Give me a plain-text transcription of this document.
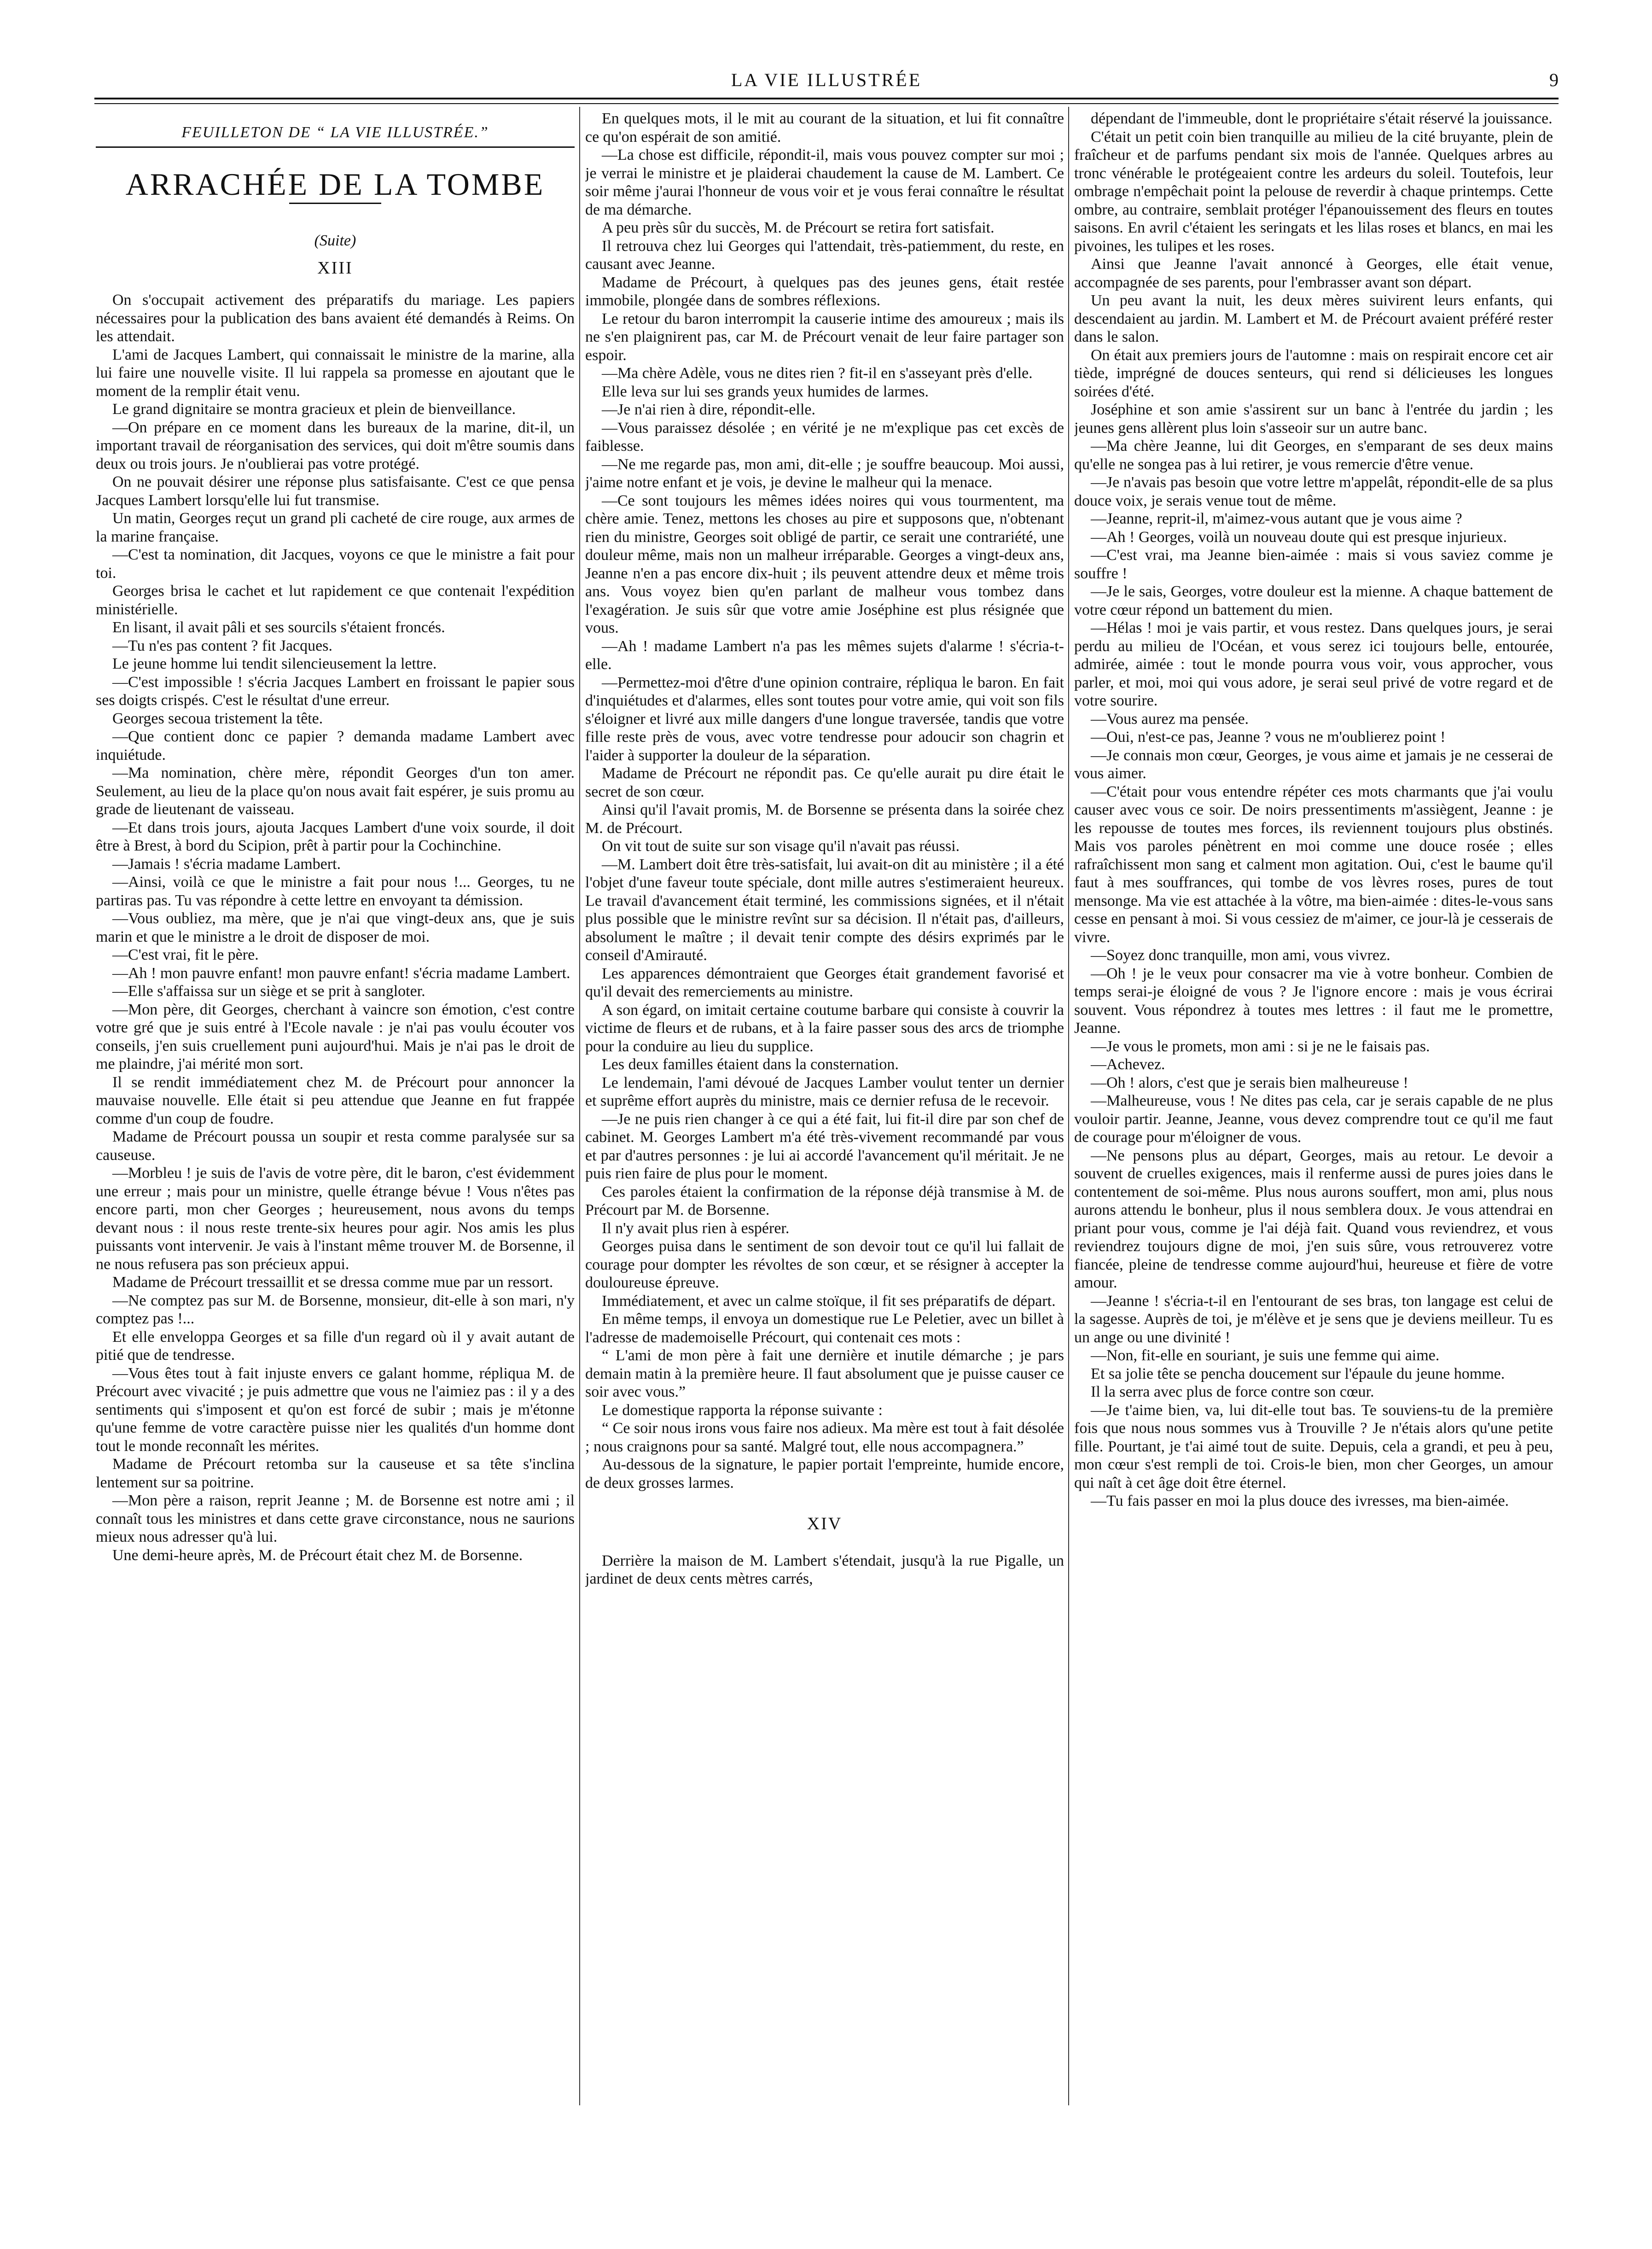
LA VIE ILLUSTRÉE	9
FEUILLETON DE “ LA VIE ILLUSTRÉE.”
ARRACHÉE DE LA TOMBE
(Suite)
XIII

On s'occupait activement des préparatifs du mariage. Les papiers nécessaires pour la publication des bans avaient été demandés à Reims. On les attendait.

L'ami de Jacques Lambert, qui connaissait le ministre de la marine, alla lui faire une nouvelle visite. Il lui rappela sa promesse en ajoutant que le moment de la remplir était venu.

Le grand dignitaire se montra gracieux et plein de bienveillance.

—On prépare en ce moment dans les bureaux de la marine, dit-il, un important travail de réorganisation des services, qui doit m'être soumis dans deux ou trois jours. Je n'oublierai pas votre protégé.

On ne pouvait désirer une réponse plus satisfaisante. C'est ce que pensa Jacques Lambert lorsqu'elle lui fut transmise.

Un matin, Georges reçut un grand pli cacheté de cire rouge, aux armes de la marine française.

—C'est ta nomination, dit Jacques, voyons ce que le ministre a fait pour toi.

Georges brisa le cachet et lut rapidement ce que contenait l'expédition ministérielle.

En lisant, il avait pâli et ses sourcils s'étaient froncés.

—Tu n'es pas content ? fit Jacques.

Le jeune homme lui tendit silencieusement la lettre.

—C'est impossible ! s'écria Jacques Lambert en froissant le papier sous ses doigts crispés. C'est le résultat d'une erreur.

Georges secoua tristement la tête.

—Que contient donc ce papier ? demanda madame Lambert avec inquiétude.

—Ma nomination, chère mère, répondit Georges d'un ton amer. Seulement, au lieu de la place qu'on nous avait fait espérer, je suis promu au grade de lieutenant de vaisseau.

—Et dans trois jours, ajouta Jacques Lambert d'une voix sourde, il doit être à Brest, à bord du Scipion, prêt à partir pour la Cochinchine.

—Jamais ! s'écria madame Lambert.

—Ainsi, voilà ce que le ministre a fait pour nous !... Georges, tu ne partiras pas. Tu vas répondre à cette lettre en envoyant ta démission.

—Vous oubliez, ma mère, que je n'ai que vingt-deux ans, que je suis marin et que le ministre a le droit de disposer de moi.

—C'est vrai, fit le père.

—Ah ! mon pauvre enfant! mon pauvre enfant! s'écria madame Lambert.

—Elle s'affaissa sur un siège et se prit à sangloter.

—Mon père, dit Georges, cherchant à vaincre son émotion, c'est contre votre gré que je suis entré à l'Ecole navale : je n'ai pas voulu écouter vos conseils, j'en suis cruellement puni aujourd'hui. Mais je n'ai pas le droit de me plaindre, j'ai mérité mon sort.

Il se rendit immédiatement chez M. de Précourt pour annoncer la mauvaise nouvelle. Elle était si peu attendue que Jeanne en fut frappée comme d'un coup de foudre.

Madame de Précourt poussa un soupir et resta comme paralysée sur sa causeuse.

—Morbleu ! je suis de l'avis de votre père, dit le baron, c'est évidemment une erreur ; mais pour un ministre, quelle étrange bévue ! Vous n'êtes pas encore parti, mon cher Georges ; heureusement, nous avons du temps devant nous : il nous reste trente-six heures pour agir. Nos amis les plus puissants vont intervenir. Je vais à l'instant même trouver M. de Borsenne, il ne nous refusera pas son précieux appui.

Madame de Précourt tressaillit et se dressa comme mue par un ressort.

—Ne comptez pas sur M. de Borsenne, monsieur, dit-elle à son mari, n'y comptez pas !...

Et elle enveloppa Georges et sa fille d'un regard où il y avait autant de pitié que de tendresse.

—Vous êtes tout à fait injuste envers ce galant homme, répliqua M. de Précourt avec vivacité ; je puis admettre que vous ne l'aimiez pas : il y a des sentiments qui s'imposent et qu'on est forcé de subir ; mais je m'étonne qu'une femme de votre caractère puisse nier les qualités d'un homme dont tout le monde reconnaît les mérites.

Madame de Précourt retomba sur la causeuse et sa tête s'inclina lentement sur sa poitrine.

—Mon père a raison, reprit Jeanne ; M. de Borsenne est notre ami ; il connaît tous les ministres et dans cette grave circonstance, nous ne saurions mieux nous adresser qu'à lui.

Une demi-heure après, M. de Précourt était chez M. de Borsenne.

En quelques mots, il le mit au courant de la situation, et lui fit connaître ce qu'on espérait de son amitié.

—La chose est difficile, répondit-il, mais vous pouvez compter sur moi ; je verrai le ministre et je plaiderai chaudement la cause de M. Lambert. Ce soir même j'aurai l'honneur de vous voir et je vous ferai connaître le résultat de ma démarche.

A peu près sûr du succès, M. de Précourt se retira fort satisfait.

Il retrouva chez lui Georges qui l'attendait, très-patiemment, du reste, en causant avec Jeanne.

Madame de Précourt, à quelques pas des jeunes gens, était restée immobile, plongée dans de sombres réflexions.

Le retour du baron interrompit la causerie intime des amoureux ; mais ils ne s'en plaignirent pas, car M. de Précourt venait de leur faire partager son espoir.

—Ma chère Adèle, vous ne dites rien ? fit-il en s'asseyant près d'elle.

Elle leva sur lui ses grands yeux humides de larmes.

—Je n'ai rien à dire, répondit-elle.

—Vous paraissez désolée ; en vérité je ne m'explique pas cet excès de faiblesse.

—Ne me regarde pas, mon ami, dit-elle ; je souffre beaucoup. Moi aussi, j'aime notre enfant et je vois, je devine le malheur qui la menace.

—Ce sont toujours les mêmes idées noires qui vous tourmentent, ma chère amie. Tenez, mettons les choses au pire et supposons que, n'obtenant rien du ministre, Georges soit obligé de partir, ce serait une contrariété, une douleur même, mais non un malheur irréparable. Georges a vingt-deux ans, Jeanne n'en a pas encore dix-huit ; ils peuvent attendre deux et même trois ans. Vous voyez bien qu'en parlant de malheur vous tombez dans l'exagération. Je suis sûr que votre amie Joséphine est plus résignée que vous.

—Ah ! madame Lambert n'a pas les mêmes sujets d'alarme ! s'écria-t-elle.

—Permettez-moi d'être d'une opinion contraire, répliqua le baron. En fait d'inquiétudes et d'alarmes, elles sont toutes pour votre amie, qui voit son fils s'éloigner et livré aux mille dangers d'une longue traversée, tandis que votre fille reste près de vous, avec votre tendresse pour adoucir son chagrin et l'aider à supporter la douleur de la séparation.

Madame de Précourt ne répondit pas. Ce qu'elle aurait pu dire était le secret de son cœur.

Ainsi qu'il l'avait promis, M. de Borsenne se présenta dans la soirée chez M. de Précourt.

On vit tout de suite sur son visage qu'il n'avait pas réussi.

—M. Lambert doit être très-satisfait, lui avait-on dit au ministère ; il a été l'objet d'une faveur toute spéciale, dont mille autres s'estimeraient heureux. Le travail d'avancement était terminé, les commissions signées, et il n'était plus possible que le ministre revînt sur sa décision. Il n'était pas, d'ailleurs, absolument le maître ; il devait tenir compte des désirs exprimés par le conseil d'Amirauté.

Les apparences démontraient que Georges était grandement favorisé et qu'il devait des remerciements au ministre.

A son égard, on imitait certaine coutume barbare qui consiste à couvrir la victime de fleurs et de rubans, et à la faire passer sous des arcs de triomphe pour la conduire au lieu du supplice.

Les deux familles étaient dans la consternation.

Le lendemain, l'ami dévoué de Jacques Lamber voulut tenter un dernier et suprême effort auprès du ministre, mais ce dernier refusa de le recevoir.

—Je ne puis rien changer à ce qui a été fait, lui fit-il dire par son chef de cabinet. M. Georges Lambert m'a été très-vivement recommandé par vous et par d'autres personnes : je lui ai accordé l'avancement qu'il méritait. Je ne puis rien faire de plus pour le moment.

Ces paroles étaient la confirmation de la réponse déjà transmise à M. de Précourt par M. de Borsenne.

Il n'y avait plus rien à espérer.

Georges puisa dans le sentiment de son devoir tout ce qu'il lui fallait de courage pour dompter les révoltes de son cœur, et se résigner à accepter la douloureuse épreuve.

Immédiatement, et avec un calme stoïque, il fit ses préparatifs de départ.

En même temps, il envoya un domestique rue Le Peletier, avec un billet à l'adresse de mademoiselle Précourt, qui contenait ces mots :

“ L'ami de mon père à fait une dernière et inutile démarche ; je pars demain matin à la première heure. Il faut absolument que je puisse causer ce soir avec vous.”

Le domestique rapporta la réponse suivante :

“ Ce soir nous irons vous faire nos adieux. Ma mère est tout à fait désolée ; nous craignons pour sa santé. Malgré tout, elle nous accompagnera.”

Au-dessous de la signature, le papier portait l'empreinte, humide encore, de deux grosses larmes.

XIV

Derrière la maison de M. Lambert s'étendait, jusqu'à la rue Pigalle, un jardinet de deux cents mètres carrés,

dépendant de l'immeuble, dont le propriétaire s'était réservé la jouissance.

C'était un petit coin bien tranquille au milieu de la cité bruyante, plein de fraîcheur et de parfums pendant six mois de l'année. Quelques arbres au tronc vénérable le protégeaient contre les ardeurs du soleil. Toutefois, leur ombrage n'empêchait point la pelouse de reverdir à chaque printemps. Cette ombre, au contraire, semblait protéger l'épanouissement des fleurs en toutes saisons. En avril c'étaient les seringats et les lilas roses et blancs, en mai les pivoines, les tulipes et les roses.

Ainsi que Jeanne l'avait annoncé à Georges, elle était venue, accompagnée de ses parents, pour l'embrasser avant son départ.

Un peu avant la nuit, les deux mères suivirent leurs enfants, qui descendaient au jardin. M. Lambert et M. de Précourt avaient préféré rester dans le salon.

On était aux premiers jours de l'automne : mais on respirait encore cet air tiède, imprégné de douces senteurs, qui rend si délicieuses les longues soirées d'été.

Joséphine et son amie s'assirent sur un banc à l'entrée du jardin ; les jeunes gens allèrent plus loin s'asseoir sur un autre banc.

—Ma chère Jeanne, lui dit Georges, en s'emparant de ses deux mains qu'elle ne songea pas à lui retirer, je vous remercie d'être venue.

—Je n'avais pas besoin que votre lettre m'appelât, répondit-elle de sa plus douce voix, je serais venue tout de même.

—Jeanne, reprit-il, m'aimez-vous autant que je vous aime ?

—Ah ! Georges, voilà un nouveau doute qui est presque injurieux.

—C'est vrai, ma Jeanne bien-aimée : mais si vous saviez comme je souffre !

—Je le sais, Georges, votre douleur est la mienne. A chaque battement de votre cœur répond un battement du mien.

—Hélas ! moi je vais partir, et vous restez. Dans quelques jours, je serai perdu au milieu de l'Océan, et vous serez ici toujours belle, entourée, admirée, aimée : tout le monde pourra vous voir, vous approcher, vous parler, et moi, moi qui vous adore, je serai seul privé de votre regard et de votre sourire.

—Vous aurez ma pensée.

—Oui, n'est-ce pas, Jeanne ? vous ne m'oublierez point !

—Je connais mon cœur, Georges, je vous aime et jamais je ne cesserai de vous aimer.

—C'était pour vous entendre répéter ces mots charmants que j'ai voulu causer avec vous ce soir. De noirs pressentiments m'assiègent, Jeanne : je les repousse de toutes mes forces, ils reviennent toujours plus obstinés. Mais vos paroles pénètrent en moi comme une douce rosée ; elles rafraîchissent mon sang et calment mon agitation. Oui, c'est le baume qu'il faut à mes souffrances, qui tombe de vos lèvres roses, pures de tout mensonge. Ma vie est attachée à la vôtre, ma bien-aimée : dites-le-vous sans cesse en pensant à moi. Si vous cessiez de m'aimer, ce jour-là je cesserais de vivre.

—Soyez donc tranquille, mon ami, vous vivrez.

—Oh ! je le veux pour consacrer ma vie à votre bonheur. Combien de temps serai-je éloigné de vous ? Je l'ignore encore : mais je vous écrirai souvent. Vous répondrez à toutes mes lettres : il faut me le promettre, Jeanne.

—Je vous le promets, mon ami : si je ne le faisais pas.

—Achevez.

—Oh ! alors, c'est que je serais bien malheureuse !

—Malheureuse, vous ! Ne dites pas cela, car je serais capable de ne plus vouloir partir. Jeanne, Jeanne, vous devez comprendre tout ce qu'il me faut de courage pour m'éloigner de vous.

—Ne pensons plus au départ, Georges, mais au retour. Le devoir a souvent de cruelles exigences, mais il renferme aussi de pures joies dans le contentement de soi-même. Plus nous aurons souffert, mon ami, plus nous aurons attendu le bonheur, plus il nous semblera doux. Je vous attendrai en priant pour vous, comme je l'ai déjà fait. Quand vous reviendrez, et vous reviendrez toujours digne de moi, j'en suis sûre, vous retrouverez votre fiancée, pleine de tendresse comme aujourd'hui, heureuse et fière de votre amour.

—Jeanne ! s'écria-t-il en l'entourant de ses bras, ton langage est celui de la sagesse. Auprès de toi, je m'élève et je sens que je deviens meilleur. Tu es un ange ou une divinité !

—Non, fit-elle en souriant, je suis une femme qui aime.

Et sa jolie tête se pencha doucement sur l'épaule du jeune homme.

Il la serra avec plus de force contre son cœur.

—Je t'aime bien, va, lui dit-elle tout bas. Te souviens-tu de la première fois que nous nous sommes vus à Trouville ? Je n'étais alors qu'une petite fille. Pourtant, je t'ai aimé tout de suite. Depuis, cela a grandi, et peu à peu, mon cœur s'est rempli de toi. Crois-le bien, mon cher Georges, un amour qui naît à cet âge doit être éternel.

—Tu fais passer en moi la plus douce des ivresses, ma bien-aimée.
